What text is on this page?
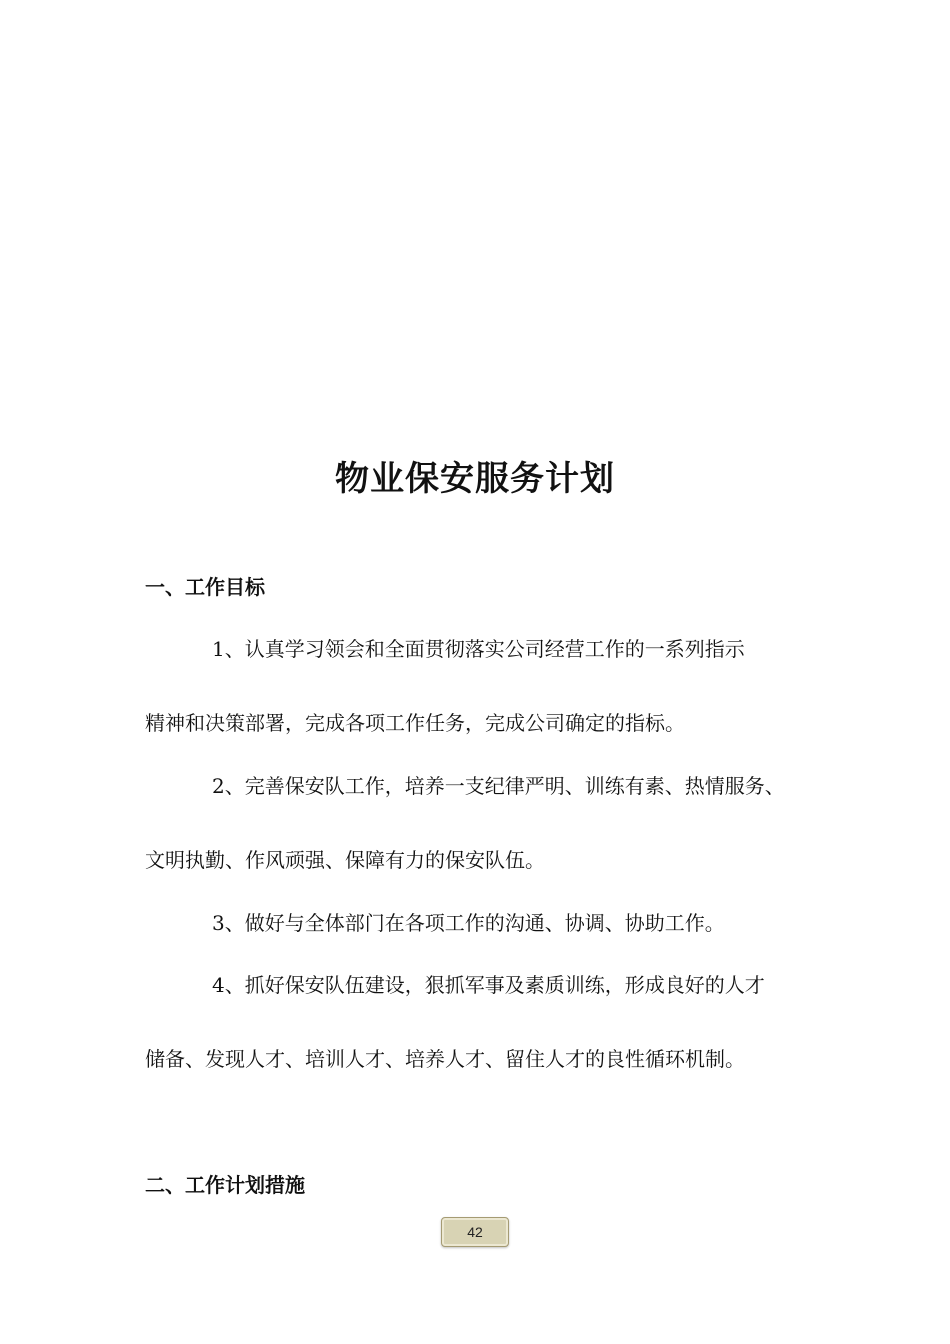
物业保安服务计划
一、工作目标
1、认真学习领会和全面贯彻落实公司经营工作的一系列指示
精神和决策部署，完成各项工作任务，完成公司确定的指标。
2、完善保安队工作，培养一支纪律严明、训练有素、热情服务、
文明执勤、作风顽强、保障有力的保安队伍。
3、做好与全体部门在各项工作的沟通、协调、协助工作。
4、抓好保安队伍建设，狠抓军事及素质训练，形成良好的人才
储备、发现人才、培训人才、培养人才、留住人才的良性循环机制。
二、工作计划措施
42
